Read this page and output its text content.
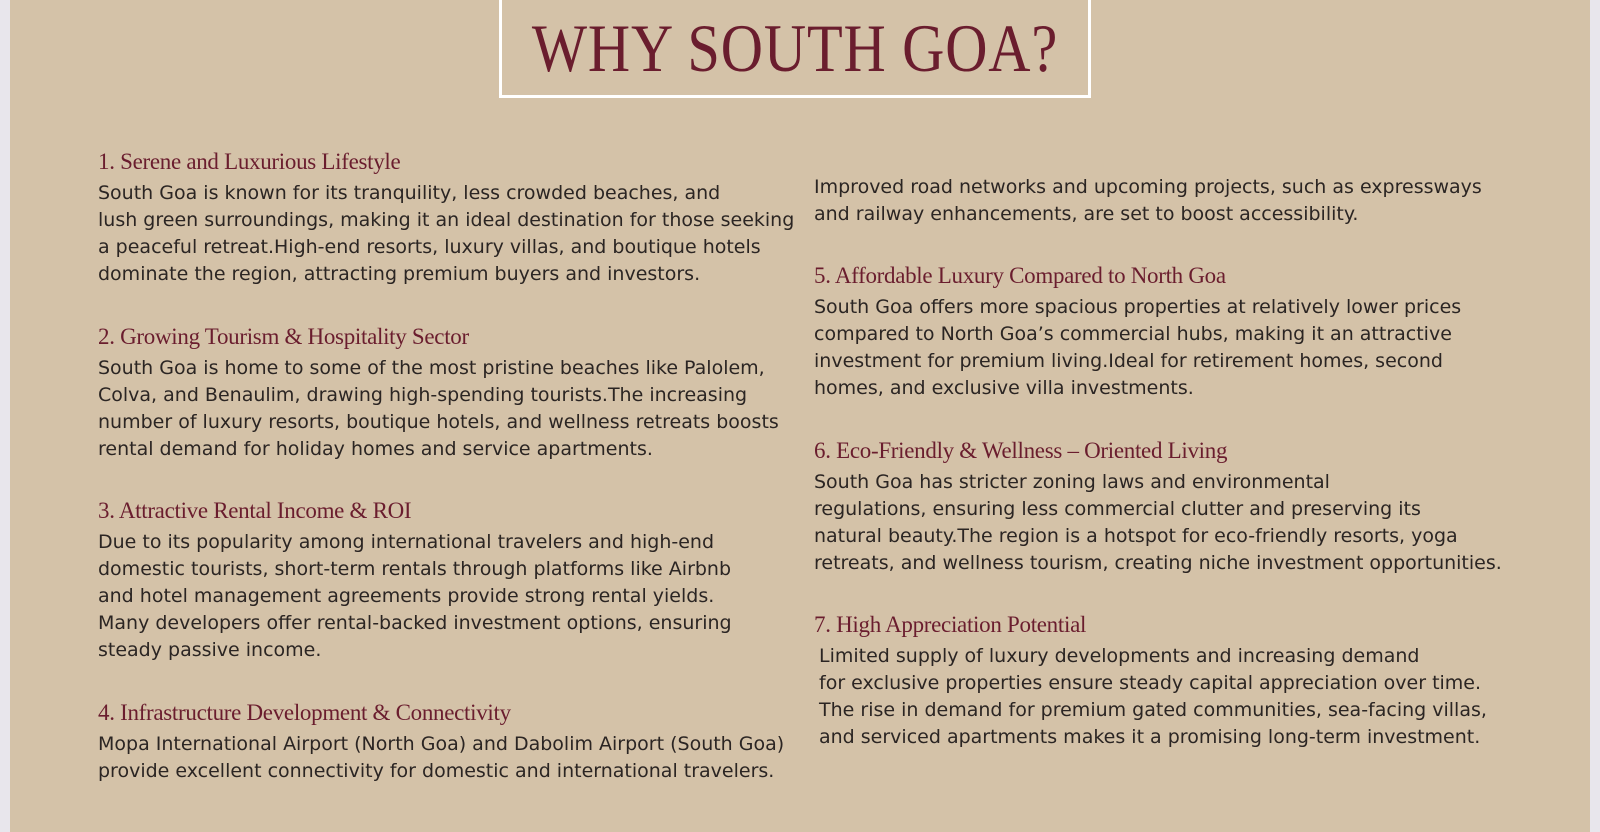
WHY SOUTH GOA?
1. Serene and Luxurious Lifestyle
South Goa is known for its tranquility, less crowded beaches, and
lush green surroundings, making it an ideal destination for those seeking
a peaceful retreat.High-end resorts, luxury villas, and boutique hotels
dominate the region, attracting premium buyers and investors.
2. Growing Tourism & Hospitality Sector
South Goa is home to some of the most pristine beaches like Palolem,
Colva, and Benaulim, drawing high-spending tourists.The increasing
number of luxury resorts, boutique hotels, and wellness retreats boosts
rental demand for holiday homes and service apartments.
3. Attractive Rental Income & ROI
Due to its popularity among international travelers and high-end
domestic tourists, short-term rentals through platforms like Airbnb
and hotel management agreements provide strong rental yields.
Many developers offer rental-backed investment options, ensuring
steady passive income.
4. Infrastructure Development & Connectivity
Mopa International Airport (North Goa) and Dabolim Airport (South Goa)
provide excellent connectivity for domestic and international travelers.
Improved road networks and upcoming projects, such as expressways
and railway enhancements, are set to boost accessibility.
5. Affordable Luxury Compared to North Goa
South Goa offers more spacious properties at relatively lower prices
compared to North Goa’s commercial hubs, making it an attractive
investment for premium living.Ideal for retirement homes, second
homes, and exclusive villa investments.
6. Eco-Friendly & Wellness – Oriented Living
South Goa has stricter zoning laws and environmental
regulations, ensuring less commercial clutter and preserving its
natural beauty.The region is a hotspot for eco-friendly resorts, yoga
retreats, and wellness tourism, creating niche investment opportunities.
7. High Appreciation Potential
Limited supply of luxury developments and increasing demand
for exclusive properties ensure steady capital appreciation over time.
The rise in demand for premium gated communities, sea-facing villas,
and serviced apartments makes it a promising long-term investment.
